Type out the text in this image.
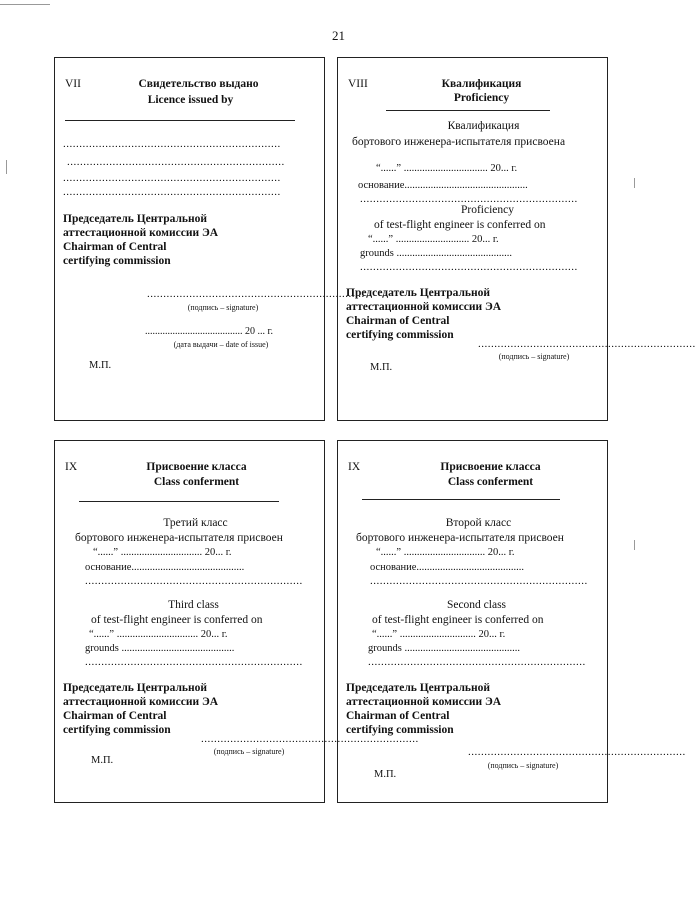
21
VII	Свидетельство выдано
Licence issued by
...................................................................
...................................................................
...................................................................
...................................................................
Председатель Центральной
аттестационной комиссии ЭА
Chairman of Central
certifying commission
...................................................................
(подпись – signature)
....................................... 20 ... г.
(дата выдачи – date of issue)
М.П.
VIII	Квалификация
Proficiency
Квалификация
бортового инженера-испытателя присвоена
“......” ................................ 20... г.
основание...............................................
...................................................................
Proficiency
of test-flight engineer is conferred on
“......” ............................ 20... г.
grounds ............................................
...................................................................
Председатель Центральной
аттестационной комиссии ЭА
Chairman of Central
certifying commission
...................................................................
(подпись – signature)
М.П.
IX	Присвоение класса
Class conferment
Третий класс
бортового инженера-испытателя присвоен
“......” ............................... 20... г.
основание...........................................
...................................................................
Third class
of test-flight engineer is conferred on
“......” ............................... 20... г.
grounds ...........................................
...................................................................
Председатель Центральной
аттестационной комиссии ЭА
Chairman of Central
certifying commission
...................................................................
(подпись – signature)
М.П.
IX	Присвоение класса
Class conferment
Второй класс
бортового инженера-испытателя присвоен
“......” ............................... 20... г.
основание.........................................
...................................................................
Second class
of test-flight engineer is conferred on
“......” ............................. 20... г.
grounds ............................................
...................................................................
Председатель Центральной
аттестационной комиссии ЭА
Chairman of Central
certifying commission
...................................................................
(подпись – signature)
М.П.
